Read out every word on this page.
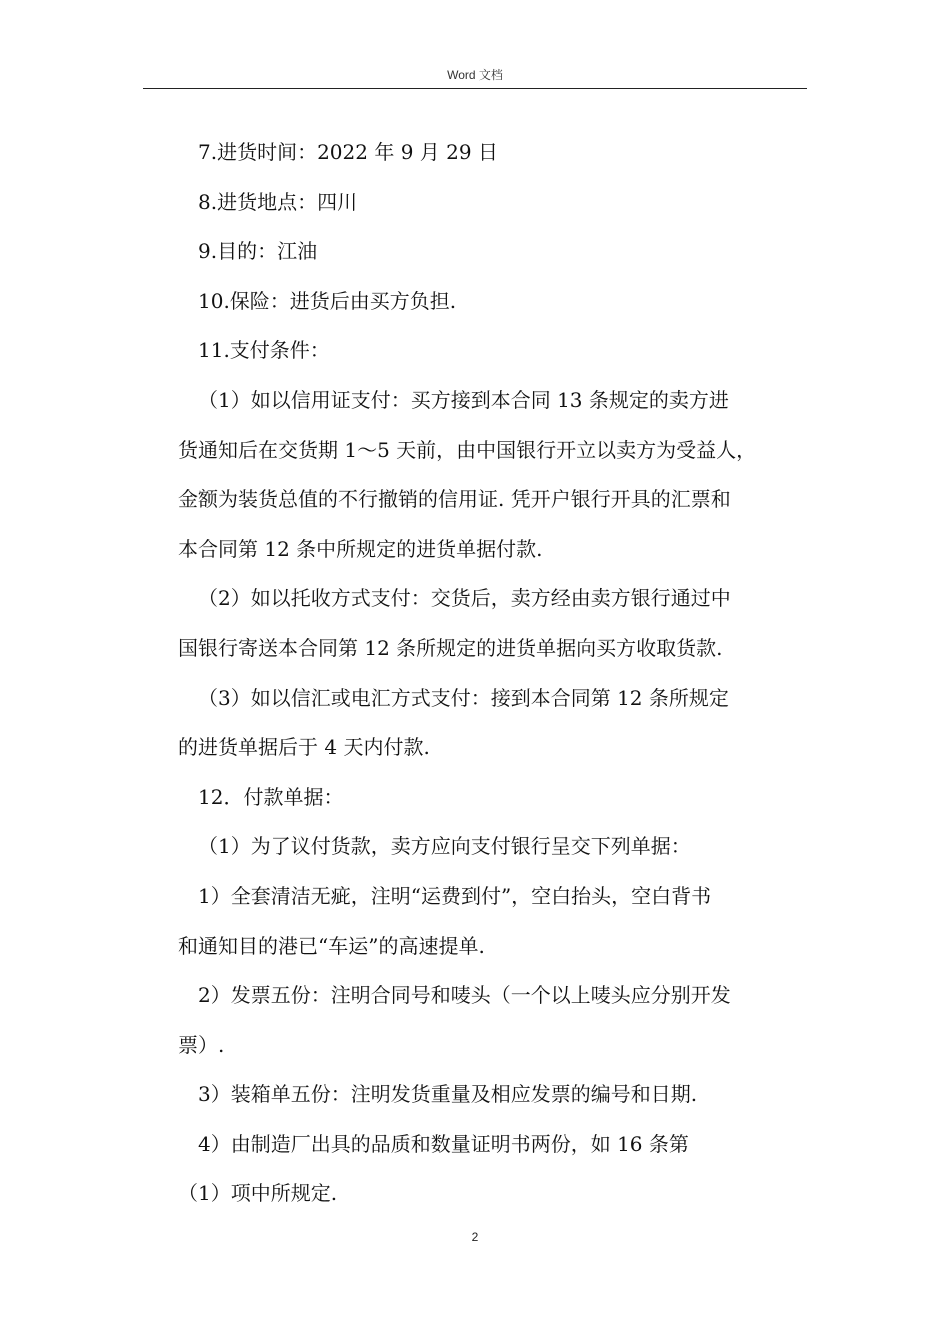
Word 文档

7.进货时间：2022 年 9 月 29 日

8.进货地点：四川

9.目的：江油

10.保险：进货后由买方负担.

11.支付条件：

（1）如以信用证支付：买方接到本合同 13 条规定的卖方进

货通知后在交货期 1～5 天前，由中国银行开立以卖方为受益人，

金额为装货总值的不行撤销的信用证. 凭开户银行开具的汇票和

本合同第 12 条中所规定的进货单据付款.

（2）如以托收方式支付：交货后，卖方经由卖方银行通过中

国银行寄送本合同第 12 条所规定的进货单据向买方收取货款.

（3）如以信汇或电汇方式支付：接到本合同第 12 条所规定

的进货单据后于 4 天内付款.

12．付款单据：

（1）为了议付货款，卖方应向支付银行呈交下列单据：

1）全套清洁无疵，注明“运费到付”，空白抬头，空白背书

和通知目的港已“车运”的高速提单.

2）发票五份：注明合同号和唛头（一个以上唛头应分别开发

票）.

3）装箱单五份：注明发货重量及相应发票的编号和日期.

4）由制造厂出具的品质和数量证明书两份，如 16 条第

（1）项中所规定.

2
